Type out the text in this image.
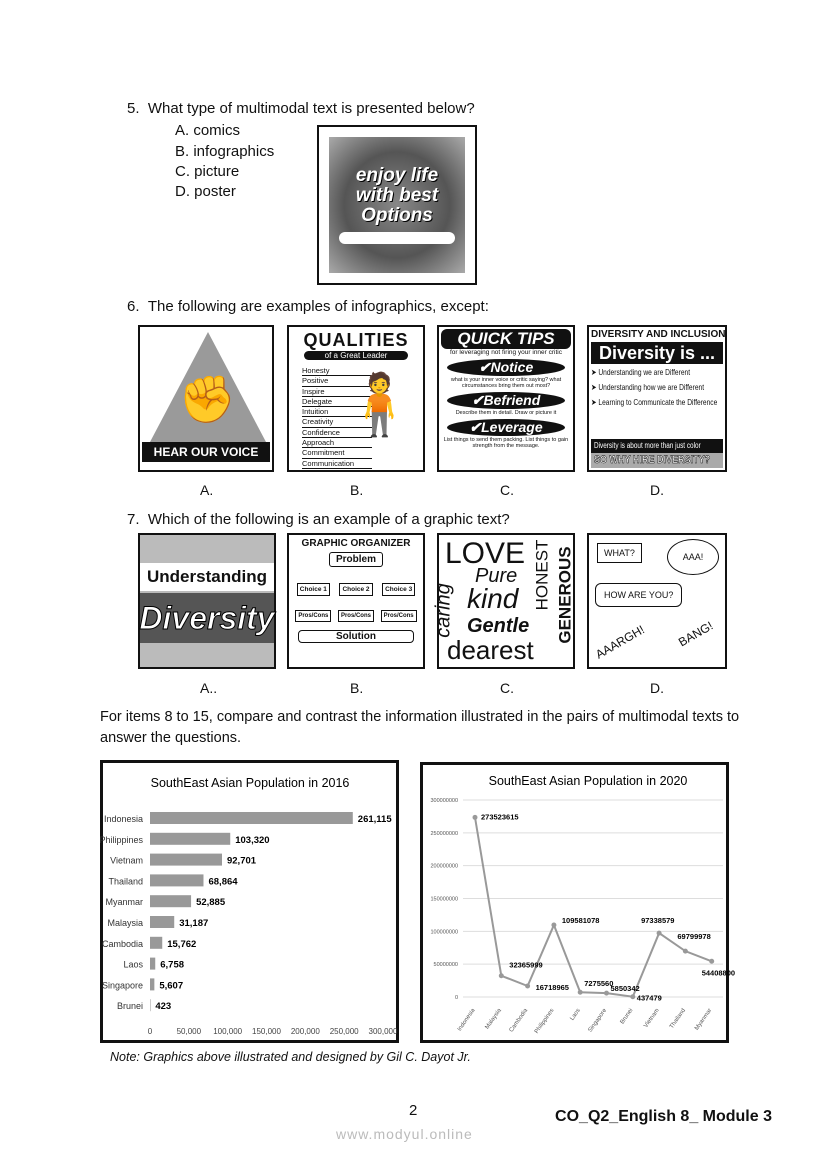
5. What type of multimodal text is presented below?
A. comics
B. infographics
C. picture
D. poster
enjoy life
with best
Options
6. The following are examples of infographics, except:
✊
HEAR OUR VOICE
QUALITIES
of a Great Leader
Honesty
Positive
Inspire
Delegate
Intuition
Creativity
Confidence
Approach
Commitment
Communication
🧍
QUICK TIPS
for leveraging not firing your inner critic
✔Notice
what is your inner voice or critic saying? what circumstances bring them out most?
✔Befriend
Describe them in detail. Draw or picture it
✔Leverage
List things to send them packing. List things to gain strength from the message.
DIVERSITY AND INCLUSION
Diversity is ...
➤ Understanding we are Different
➤ Understanding how we are Different
➤ Learning to Communicate the Difference
Diversity is about more than just color
SO WHY HIRE DIVERSITY?
A.	B.	C.	D.
7. Which of the following is an example of a graphic text?
Understanding
Diversity
GRAPHIC ORGANIZER
Problem
Choice 1	Choice 2	Choice 3
Pros/Cons	Pros/Cons	Pros/Cons
Solution
LOVE
Pure
kind
Gentle
dearest
caring
HONEST GENEROUS	WHAT?	AAA!
HOW ARE YOU?
AAARGH! BANG!
A..	B.	C.	D.
For items 8 to 15, compare and contrast the information illustrated in the pairs of multimodal texts to answer the questions.
SouthEast Asian Population in 2016
Indonesia	261,115
Philippines	103,320
Vietnam	92,701
Thailand	68,864
Myanmar	52,885
Malaysia	31,187
Cambodia	15,762
Laos 6,758
Singapore 5,607
Brunei 423
0	50,000 100,000 150,000 200,000 250,000 300,000
SouthEast Asian Population in 2020
0
50000000
100000000
150000000
200000000
250000000
300000000
273523615
Indonesia
32365999
Malaysia
16718965
Cambodia
109581078
Philippines
7275560
Laos
5850342
Singapore
437479
Brunei
97338579
Vietnam
69799978
Thailand
54408800
Myanmar
Note: Graphics above illustrated and designed by Gil C. Dayot Jr.
2	CO_Q2_English 8_ Module 3
www.modyul.online
